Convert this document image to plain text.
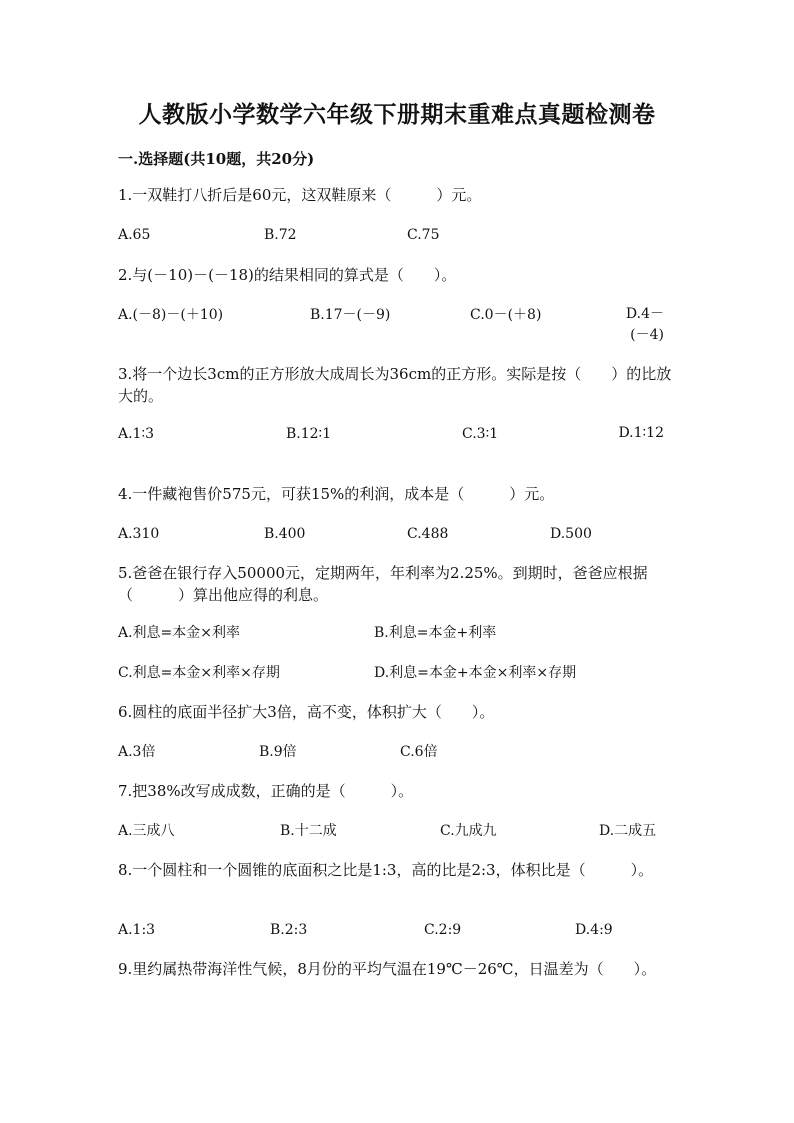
人教版小学数学六年级下册期末重难点真题检测卷
一.选择题(共10题，共20分)
1.一双鞋打八折后是60元，这双鞋原来（　　　）元。
A.65	B.72	C.75
2.与(－10)－(－18)的结果相同的算式是（　　）。
A.(－8)－(＋10)	B.17－(－9)	C.0－(＋8)	D.4－(－4)
3.将一个边长3cm的正方形放大成周长为36cm的正方形。实际是按（　　）的比放大的。
A.1∶3	B.12∶1	C.3∶1	D.1∶12
4.一件藏袍售价575元，可获15%的利润，成本是（　　　）元。
A.310	B.400	C.488	D.500
5.爸爸在银行存入50000元，定期两年，年利率为2.25%。到期时，爸爸应根据（　　　）算出他应得的利息。
A.利息=本金×利率	B.利息=本金+利率
C.利息=本金×利率×存期	D.利息=本金+本金×利率×存期
6.圆柱的底面半径扩大3倍，高不变，体积扩大（　　）。
A.3倍	B.9倍	C.6倍
7.把38%改写成成数，正确的是（　　　）。
A.三成八	B.十二成	C.九成九	D.二成五
8.一个圆柱和一个圆锥的底面积之比是1:3，高的比是2:3，体积比是（　　　）。
A.1:3	B.2:3	C.2:9	D.4:9
9.里约属热带海洋性气候，8月份的平均气温在19℃－26℃，日温差为（　　）。
